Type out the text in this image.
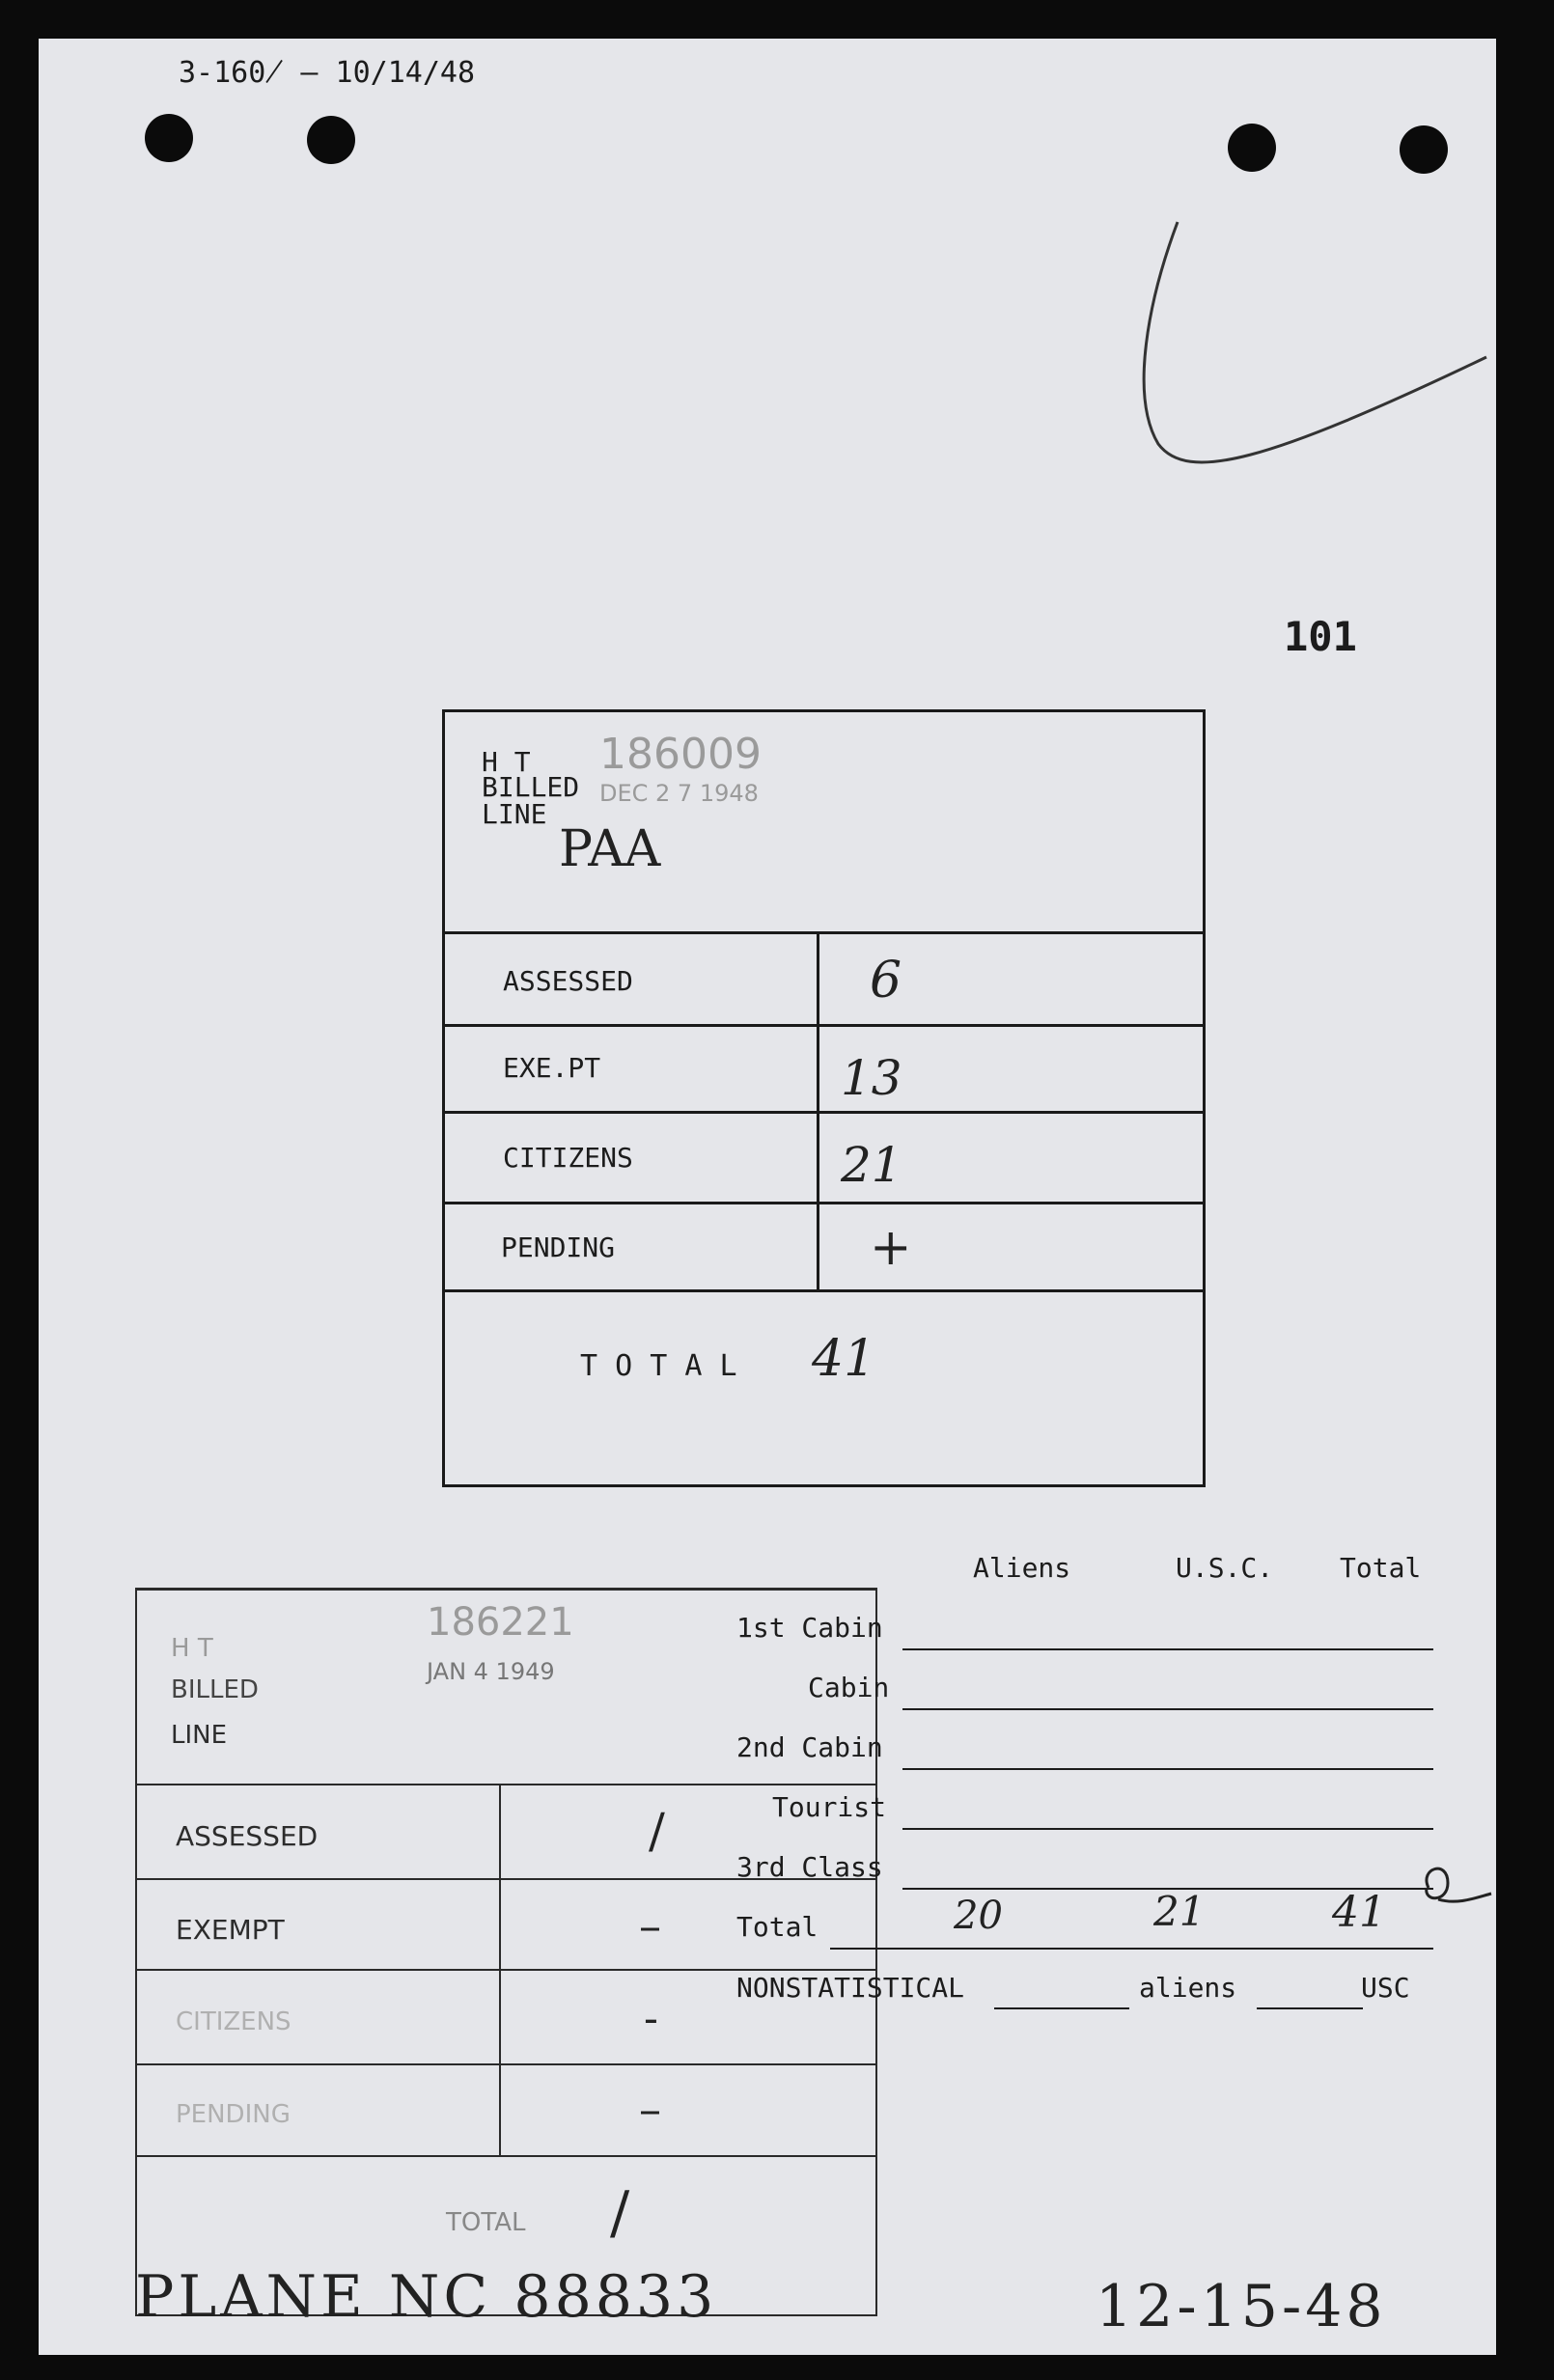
3-160̸ — 10/14/48
101
H T
BILLED
LINE
186009
DEC 2 7 1948
PAA
ASSESSED	6
EXE.PT	13
CITIZENS	21
PENDING	+
T O T A L 41
H T
BILLED
LINE
186221
JAN 4 1949
ASSESSED	/
EXEMPT	–
CITIZENS	-
PENDING	–
TOTAL /
Aliens	U.S.C. Total
1st Cabin
Cabin
2nd Cabin
Tourist
3rd Class
Total	20	21	41
NONSTATISTICAL	aliens	USC
PLANE NC 88833	12-15-48
